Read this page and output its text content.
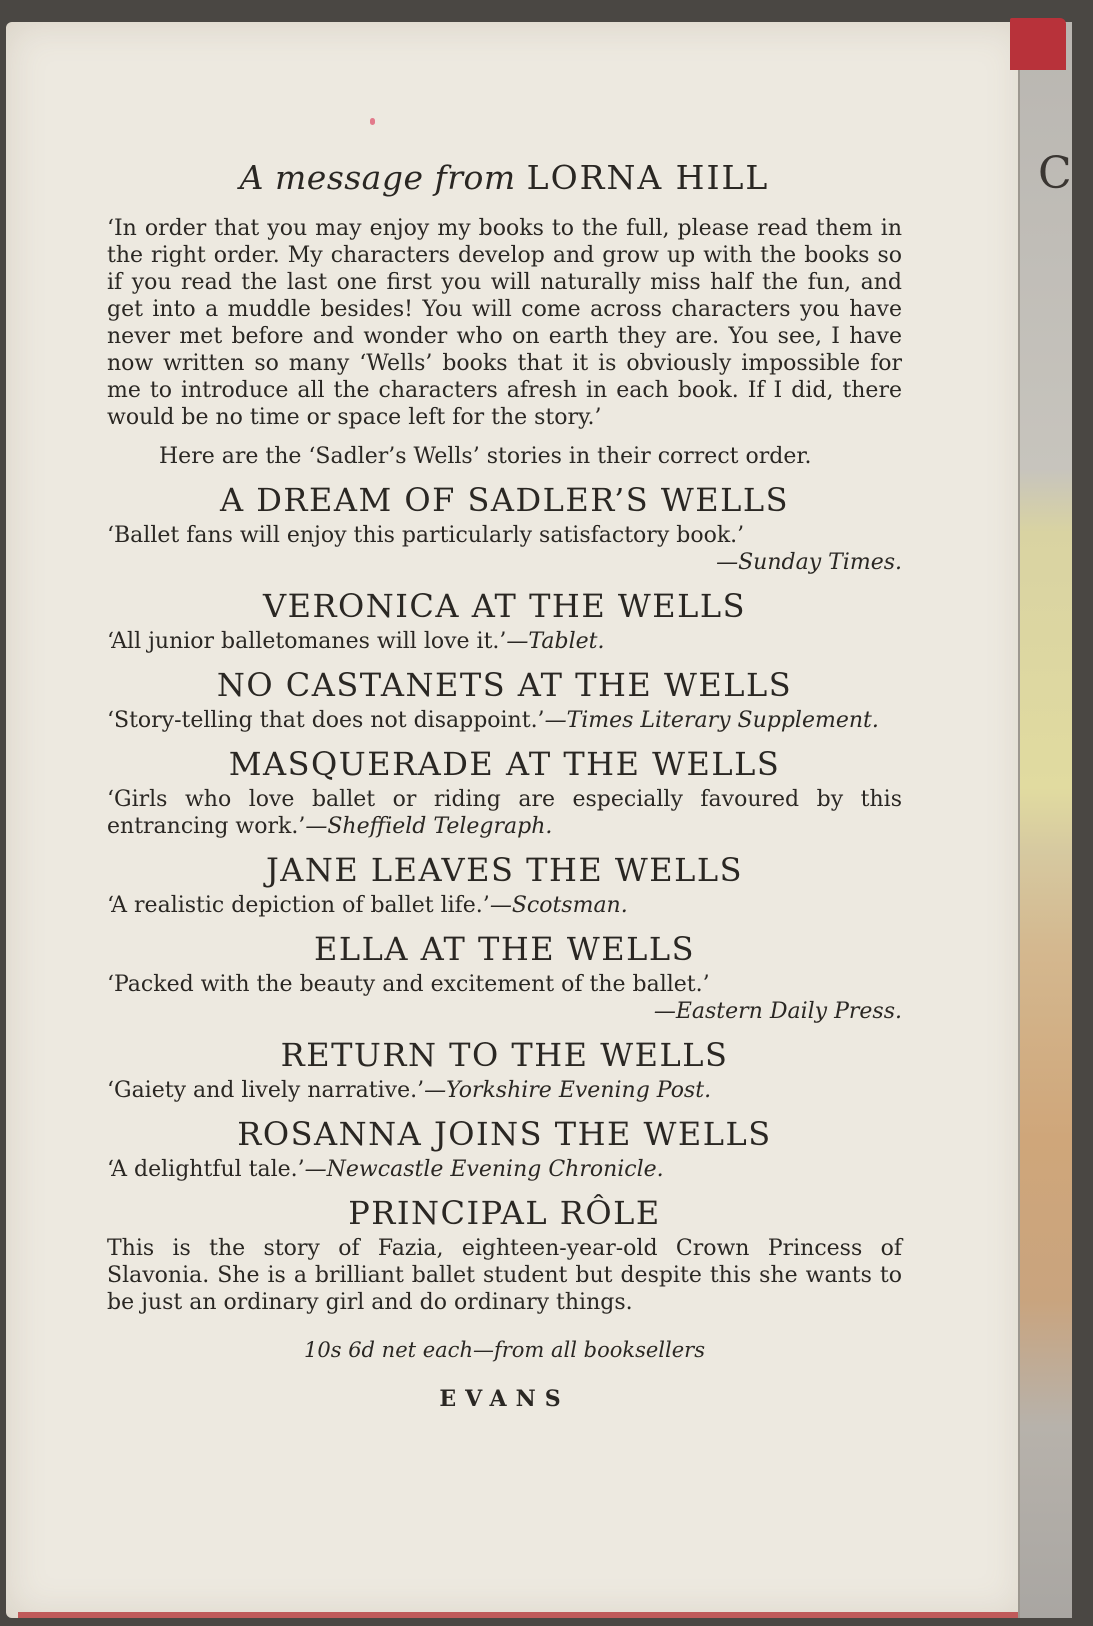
C

A message from LORNA HILL

‘In order that you may enjoy my books to the full, please read them in the right order. My characters develop and grow up with the books so if you read the last one first you will naturally miss half the fun, and get into a muddle besides! You will come across characters you have never met before and wonder who on earth they are. You see, I have now written so many ‘Wells’ books that it is obviously impossible for me to introduce all the characters afresh in each book. If I did, there would be no time or space left for the story.’

Here are the ‘Sadler’s Wells’ stories in their correct order.

A DREAM OF SADLER’S WELLS

‘Ballet fans will enjoy this particularly satisfactory book.’

—Sunday Times.

VERONICA AT THE WELLS

‘All junior balletomanes will love it.’—Tablet.

NO CASTANETS AT THE WELLS

‘Story-telling that does not disappoint.’—Times Literary Supplement.

MASQUERADE AT THE WELLS

‘Girls who love ballet or riding are especially favoured by this entrancing work.’—Sheffield Telegraph.

JANE LEAVES THE WELLS

‘A realistic depiction of ballet life.’—Scotsman.

ELLA AT THE WELLS

‘Packed with the beauty and excitement of the ballet.’

—Eastern Daily Press.

RETURN TO THE WELLS

‘Gaiety and lively narrative.’—Yorkshire Evening Post.

ROSANNA JOINS THE WELLS

‘A delightful tale.’—Newcastle Evening Chronicle.

PRINCIPAL RÔLE

This is the story of Fazia, eighteen-year-old Crown Princess of Slavonia. She is a brilliant ballet student but despite this she wants to be just an ordinary girl and do ordinary things.

10s 6d net each—from all booksellers

EVANS
